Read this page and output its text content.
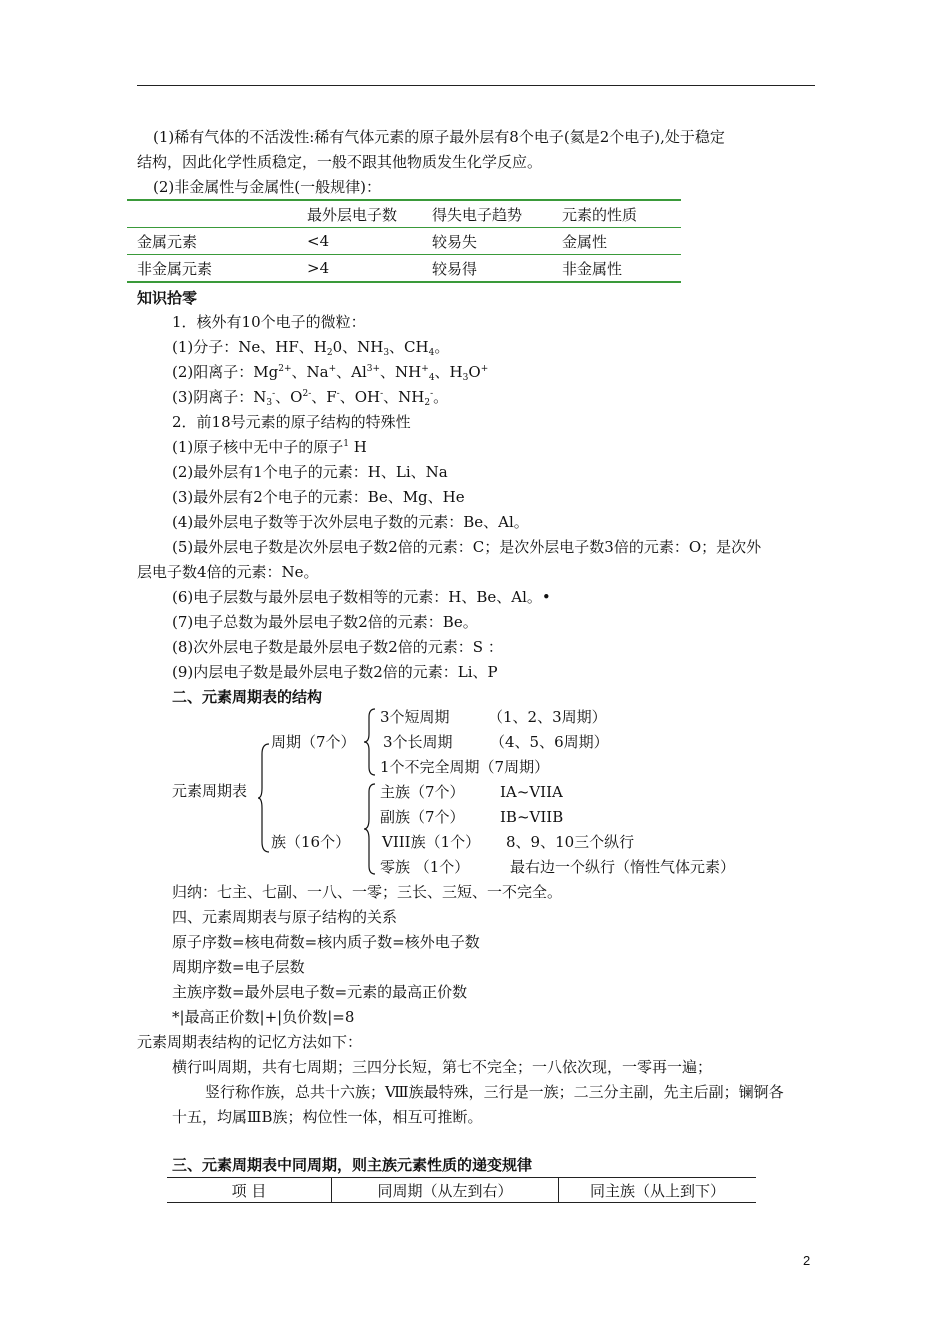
(1)稀有气体的不活泼性:稀有气体元素的原子最外层有8个电子(氦是2个电子),处于稳定
结构，因此化学性质稳定，一般不跟其他物质发生化学反应。
(2)非金属性与金属性(一般规律)：
	最外层电子数	得失电子趋势	元素的性质
金属元素	<4	较易失	金属性
非金属元素	>4	较易得	非金属性
知识拾零
1．核外有10个电子的微粒：
(1)分子：Ne、HF、$H_20$、$NH_3$、$CH_4$。
(2)阳离子：$Mg^{2+}$、Na+、$Al^{3+}$、$NH^+_4$、$H_3O^+$
(3)阴离子：$N_3^-$、$O^{2-}$、F-、OH-、$NH_2^-$。
2．前18号元素的原子结构的特殊性
(1)原子核中无中子的原子$^1$ H
(2)最外层有1个电子的元素：H、Li、Na
(3)最外层有2个电子的元素：Be、Mg、He
(4)最外层电子数等于次外层电子数的元素：Be、Al。
(5)最外层电子数是次外层电子数2倍的元素：C；是次外层电子数3倍的元素：O；是次外
层电子数4倍的元素：Ne。
(6)电子层数与最外层电子数相等的元素：H、Be、Al。•
(7)电子总数为最外层电子数2倍的元素：Be。
(8)次外层电子数是最外层电子数2倍的元素：S ：
(9)内层电子数是最外层电子数2倍的元素：Li、P
二、元素周期表的结构
元素周期表
周期（7个）
族（16个）
3个短周期	（1、2、3周期）
3个长周期 （4、5、6周期）
1个不完全周期（7周期）
主族（7个） IA~VIIA
副族（7个） IB~VIIB
VIII族（1个） 8、9、10三个纵行
零族 （1个）	最右边一个纵行（惰性气体元素）
归纳：七主、七副、一八、一零；三长、三短、一不完全。
四、元素周期表与原子结构的关系
原子序数=核电荷数=核内质子数=核外电子数
周期序数=电子层数
主族序数=最外层电子数=元素的最高正价数
*|最高正价数|+|负价数|=8
元素周期表结构的记忆方法如下：
横行叫周期，共有七周期；三四分长短，第七不完全；一八依次现，一零再一遍；
竖行称作族，总共十六族；Ⅷ族最特殊，三行是一族；二三分主副，先主后副；镧锕各
十五，均属ⅢB族；构位性一体，相互可推断。
三、元素周期表中同周期，则主族元素性质的递变规律
项 目	同周期（从左到右）	同主族（从上到下）
2
